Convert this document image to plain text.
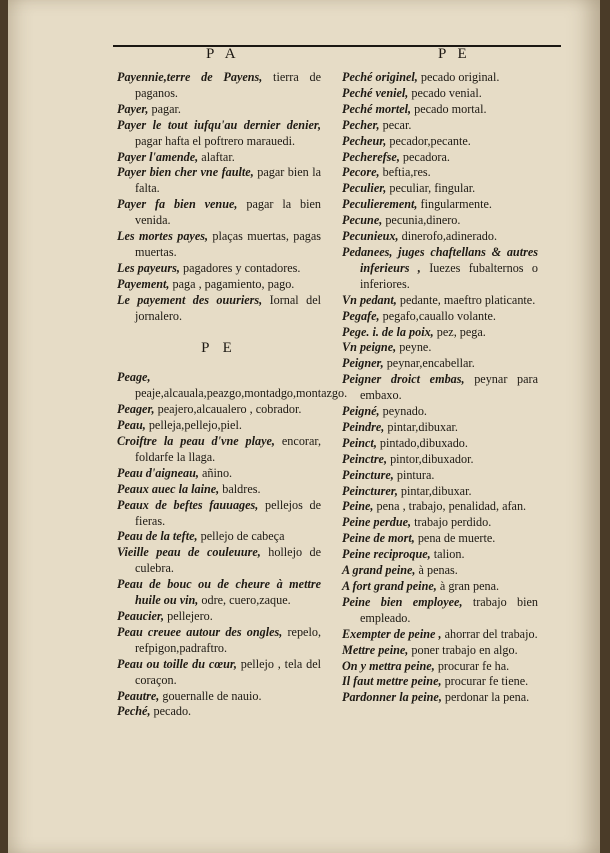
P A	P E

Payennie,terre de Payens, tierra de paganos.

Payer, pagar.

Payer le tout iufqu'au dernier denier, pagar hafta el poftrero marauedi.

Payer l'amende, alaftar.

Payer bien cher vne faulte, pagar bien la falta.

Payer fa bien venue, pagar la bien venida.

Les mortes payes, plaças muertas, pagas muertas.

Les payeurs, pagadores y contadores.

Payement, paga , pagamiento, pago.

Le payement des ouuriers, Iornal del jornalero.

P E

Peage, peaje,alcauala,peazgo,montadgo,montazgo.

Peager, peajero,alcaualero , cobrador.

Peau, pelleja,pellejo,piel.

Croiftre la peau d'vne playe, encorar, foldarfe la llaga.

Peau d'aigneau, añino.

Peaux auec la laine, baldres.

Peaux de beftes fauuages, pellejos de fieras.

Peau de la tefte, pellejo de cabeça

Vieille peau de couleuure, hollejo de culebra.

Peau de bouc ou de cheure à mettre huile ou vin, odre, cuero,zaque.

Peaucier, pellejero.

Peau creuee autour des ongles, repelo, refpigon,padraftro.

Peau ou toille du cœur, pellejo , tela del coraçon.

Peautre, gouernalle de nauio.

Peché, pecado.

Peché originel, pecado original.

Peché veniel, pecado venial.

Peché mortel, pecado mortal.

Pecher, pecar.

Pecheur, pecador,pecante.

Pecherefse, pecadora.

Pecore, beftia,res.

Peculier, peculiar, fingular.

Peculierement, fingularmente.

Pecune, pecunia,dinero.

Pecunieux, dinerofo,adinerado.

Pedanees, juges chaftellans & autres inferieurs , Iuezes fubalternos o inferiores.

Vn pedant, pedante, maeftro platicante.

Pegafe, pegafo,cauallo volante.

Pege. i. de la poix, pez, pega.

Vn peigne, peyne.

Peigner, peynar,encabellar.

Peigner droict embas, peynar para embaxo.

Peigné, peynado.

Peindre, pintar,dibuxar.

Peinct, pintado,dibuxado.

Peinctre, pintor,dibuxador.

Peincture, pintura.

Peincturer, pintar,dibuxar.

Peine, pena , trabajo, penalidad, afan.

Peine perdue, trabajo perdido.

Peine de mort, pena de muerte.

Peine reciproque, talion.

A grand peine, à penas.

A fort grand peine, à gran pena.

Peine bien employee, trabajo bien empleado.

Exempter de peine , ahorrar del trabajo.

Mettre peine, poner trabajo en algo.

On y mettra peine, procurar fe ha.

Il faut mettre peine, procurar fe tiene.

Pardonner la peine, perdonar la pena.
